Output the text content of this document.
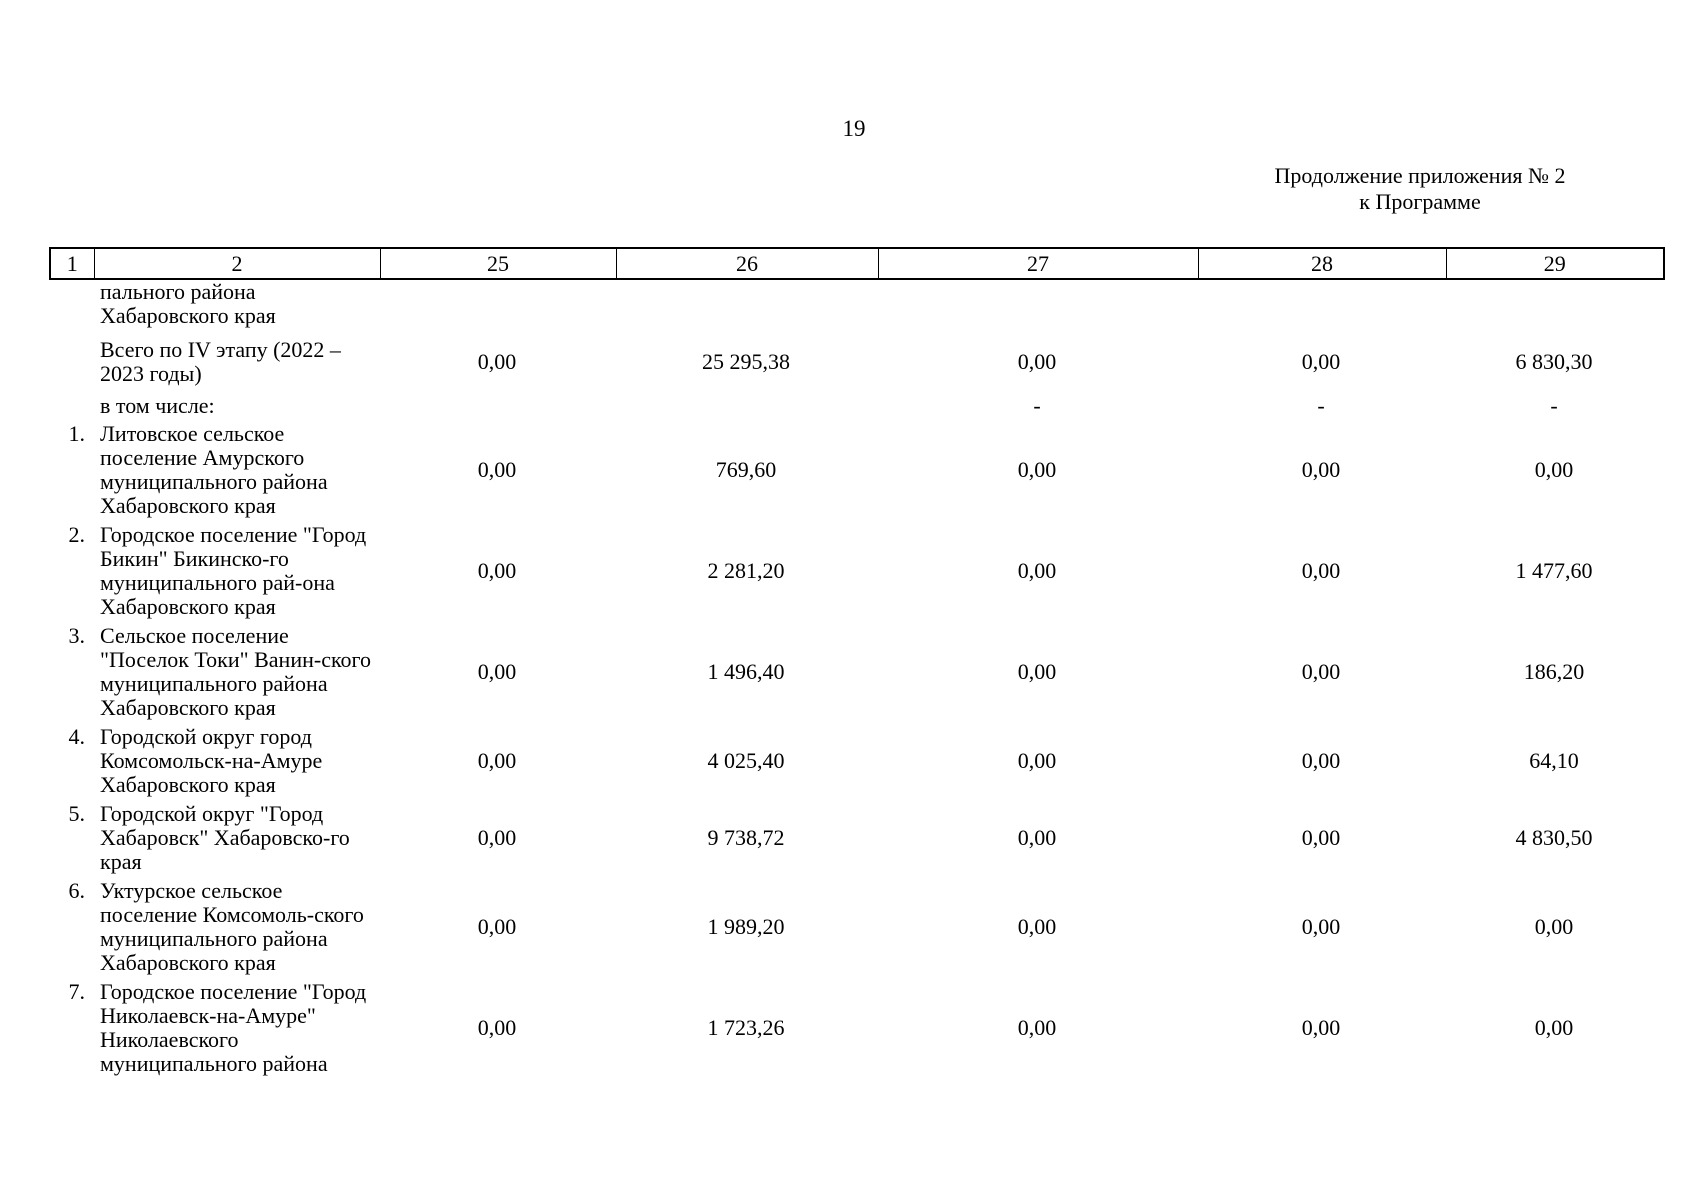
19
Продолжение приложения № 2
к Программе
1	2	25	26	27	28	29
	пального района Хабаровского края					
	Всего по IV этапу (2022 – 2023 годы)	0,00	25 295,38	0,00	0,00	6 830,30
	в том числе:			-	-	-
1.	Литовское сельское поселение Амурского муниципального района Хабаровского края	0,00	769,60	0,00	0,00	0,00
2.	Городское поселение "Город Бикин" Бикинско-го муниципального рай-она Хабаровского края	0,00	2 281,20	0,00	0,00	1 477,60
3.	Сельское поселение "Поселок Токи" Ванин-ского муниципального района Хабаровского края	0,00	1 496,40	0,00	0,00	186,20
4.	Городской округ город Комсомольск-на-Амуре Хабаровского края	0,00	4 025,40	0,00	0,00	64,10
5.	Городской округ "Город Хабаровск" Хабаровско-го края	0,00	9 738,72	0,00	0,00	4 830,50
6.	Уктурское сельское поселение Комсомоль-ского муниципального района Хабаровского края	0,00	1 989,20	0,00	0,00	0,00
7.	Городское поселение "Город Николаевск-на-Амуре" Николаевского муниципального района	0,00	1 723,26	0,00	0,00	0,00
